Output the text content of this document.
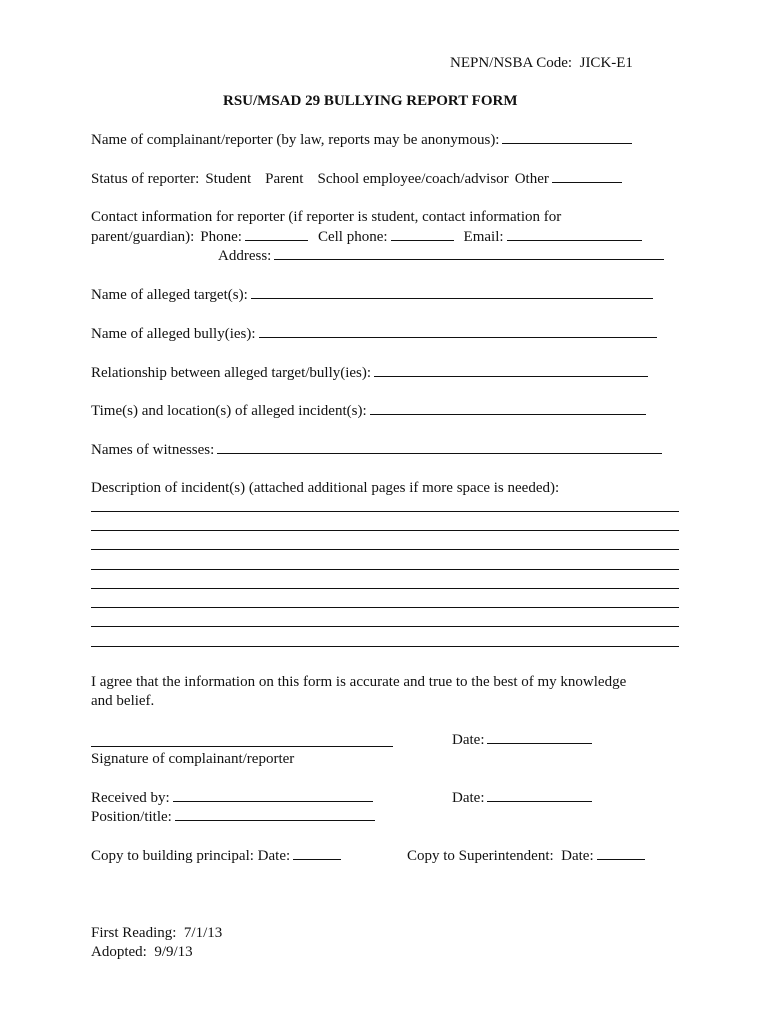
NEPN/NSBA Code:  JICK-E1
RSU/MSAD 29 BULLYING REPORT FORM
Name of complainant/reporter (by law, reports may be anonymous):
Status of reporter: Student Parent School employee/coach/advisor Other
Contact information for reporter (if reporter is student, contact information for
parent/guardian): Phone:	Cell phone:	Email:
Address:
Name of alleged target(s):
Name of alleged bully(ies):
Relationship between alleged target/bully(ies):
Time(s) and location(s) of alleged incident(s):
Names of witnesses:
Description of incident(s) (attached additional pages if more space is needed):
I agree that the information on this form is accurate and true to the best of my knowledge
and belief.
Signature of complainant/reporter
Date:
Received by:
Position/title:
Date:
Copy to building principal: Date:	Copy to Superintendent:  Date:
First Reading:  7/1/13
Adopted:  9/9/13
